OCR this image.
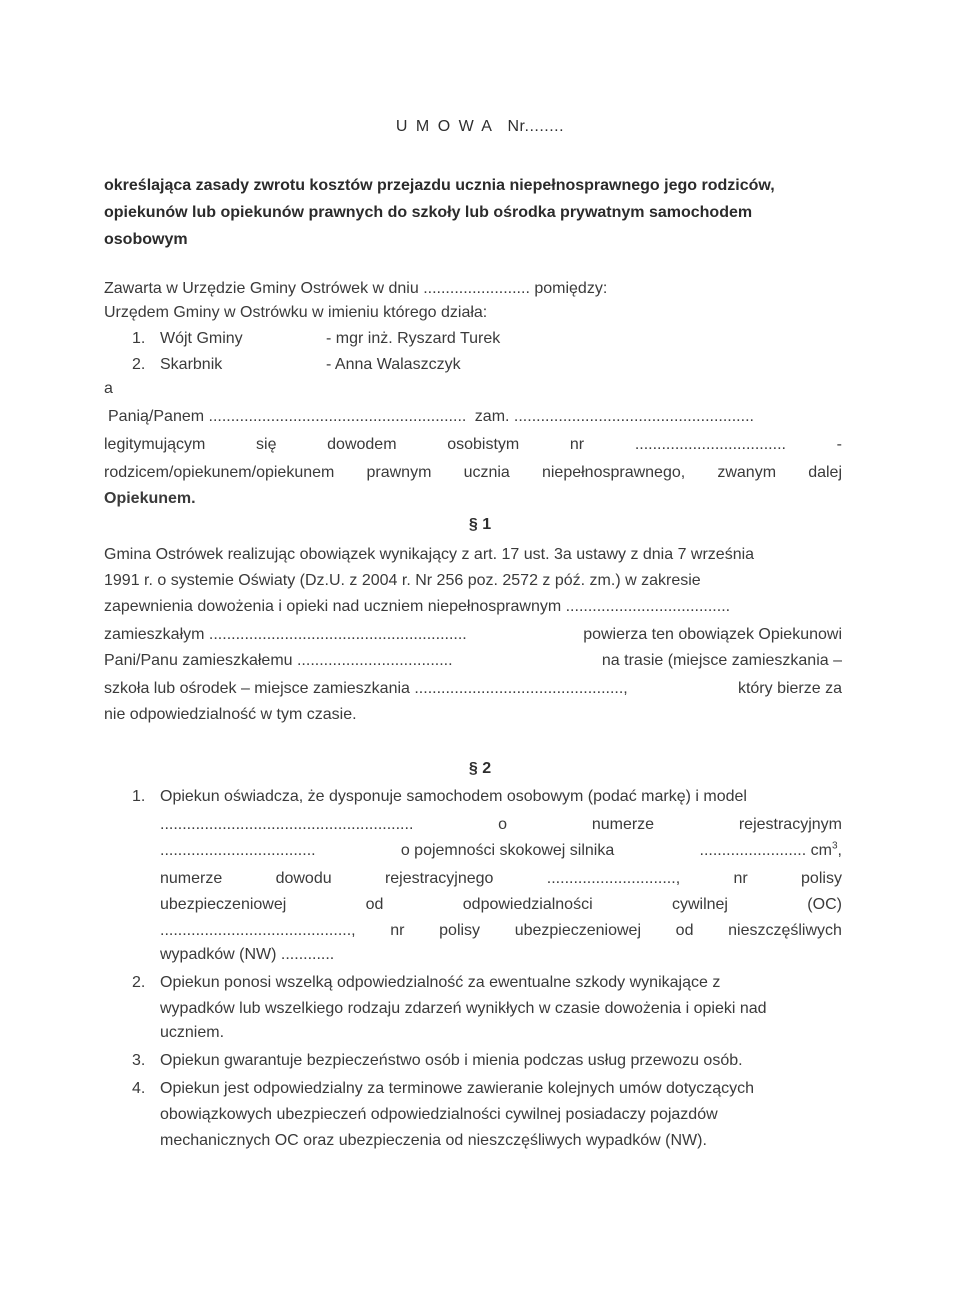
U M O W A Nr........
określająca zasady zwrotu kosztów przejazdu ucznia niepełnosprawnego jego rodziców,
opiekunów lub opiekunów prawnych do szkoły lub ośrodka prywatnym samochodem
osobowym
Zawarta w Urzędzie Gminy Ostrówek w dniu ........................ pomiędzy:
Urzędem Gminy w Ostrówku w imieniu którego działa:
1. Wójt Gminy	- mgr inż. Ryszard Turek
2. Skarbnik	- Anna Walaszczyk
a
Panią/Panem .......................................................... zam. ......................................................
legitymującym	się	dowodem	osobistym	nr	..................................	-
rodzicem/opiekunem/opiekunem prawnym ucznia niepełnosprawnego, zwanym dalej
Opiekunem.
§ 1
Gmina Ostrówek realizując obowiązek wynikający z art. 17 ust. 3a ustawy z dnia 7 września
1991 r. o systemie Oświaty (Dz.U. z 2004 r. Nr 256 poz. 2572 z póź. zm.) w zakresie
zapewnienia dowożenia i opieki nad uczniem niepełnosprawnym .....................................
zamieszkałym ..........................................................	powierza ten obowiązek Opiekunowi
Pani/Panu zamieszkałemu ...................................	na trasie (miejsce zamieszkania –
szkoła lub ośrodek – miejsce zamieszkania ...............................................,	który bierze za
nie odpowiedzialność w tym czasie.
§ 2
1. Opiekun oświadcza, że dysponuje samochodem osobowym (podać markę) i model
.........................................................	o	numerze	rejestracyjnym
...................................	o pojemności skokowej silnika	........................ $cm^3$,
numerze	dowodu	rejestracyjnego	.............................,	nr	polisy
ubezpieczeniowej	od	odpowiedzialności	cywilnej	(OC)
..........................................., nr polisy ubezpieczeniowej od nieszczęśliwych
wypadków (NW) ............
2. Opiekun ponosi wszelką odpowiedzialność za ewentualne szkody wynikające z
wypadków lub wszelkiego rodzaju zdarzeń wynikłych w czasie dowożenia i opieki nad
uczniem.
3. Opiekun gwarantuje bezpieczeństwo osób i mienia podczas usług przewozu osób.
4. Opiekun jest odpowiedzialny za terminowe zawieranie kolejnych umów dotyczących
obowiązkowych ubezpieczeń odpowiedzialności cywilnej posiadaczy pojazdów
mechanicznych OC oraz ubezpieczenia od nieszczęśliwych wypadków (NW).
